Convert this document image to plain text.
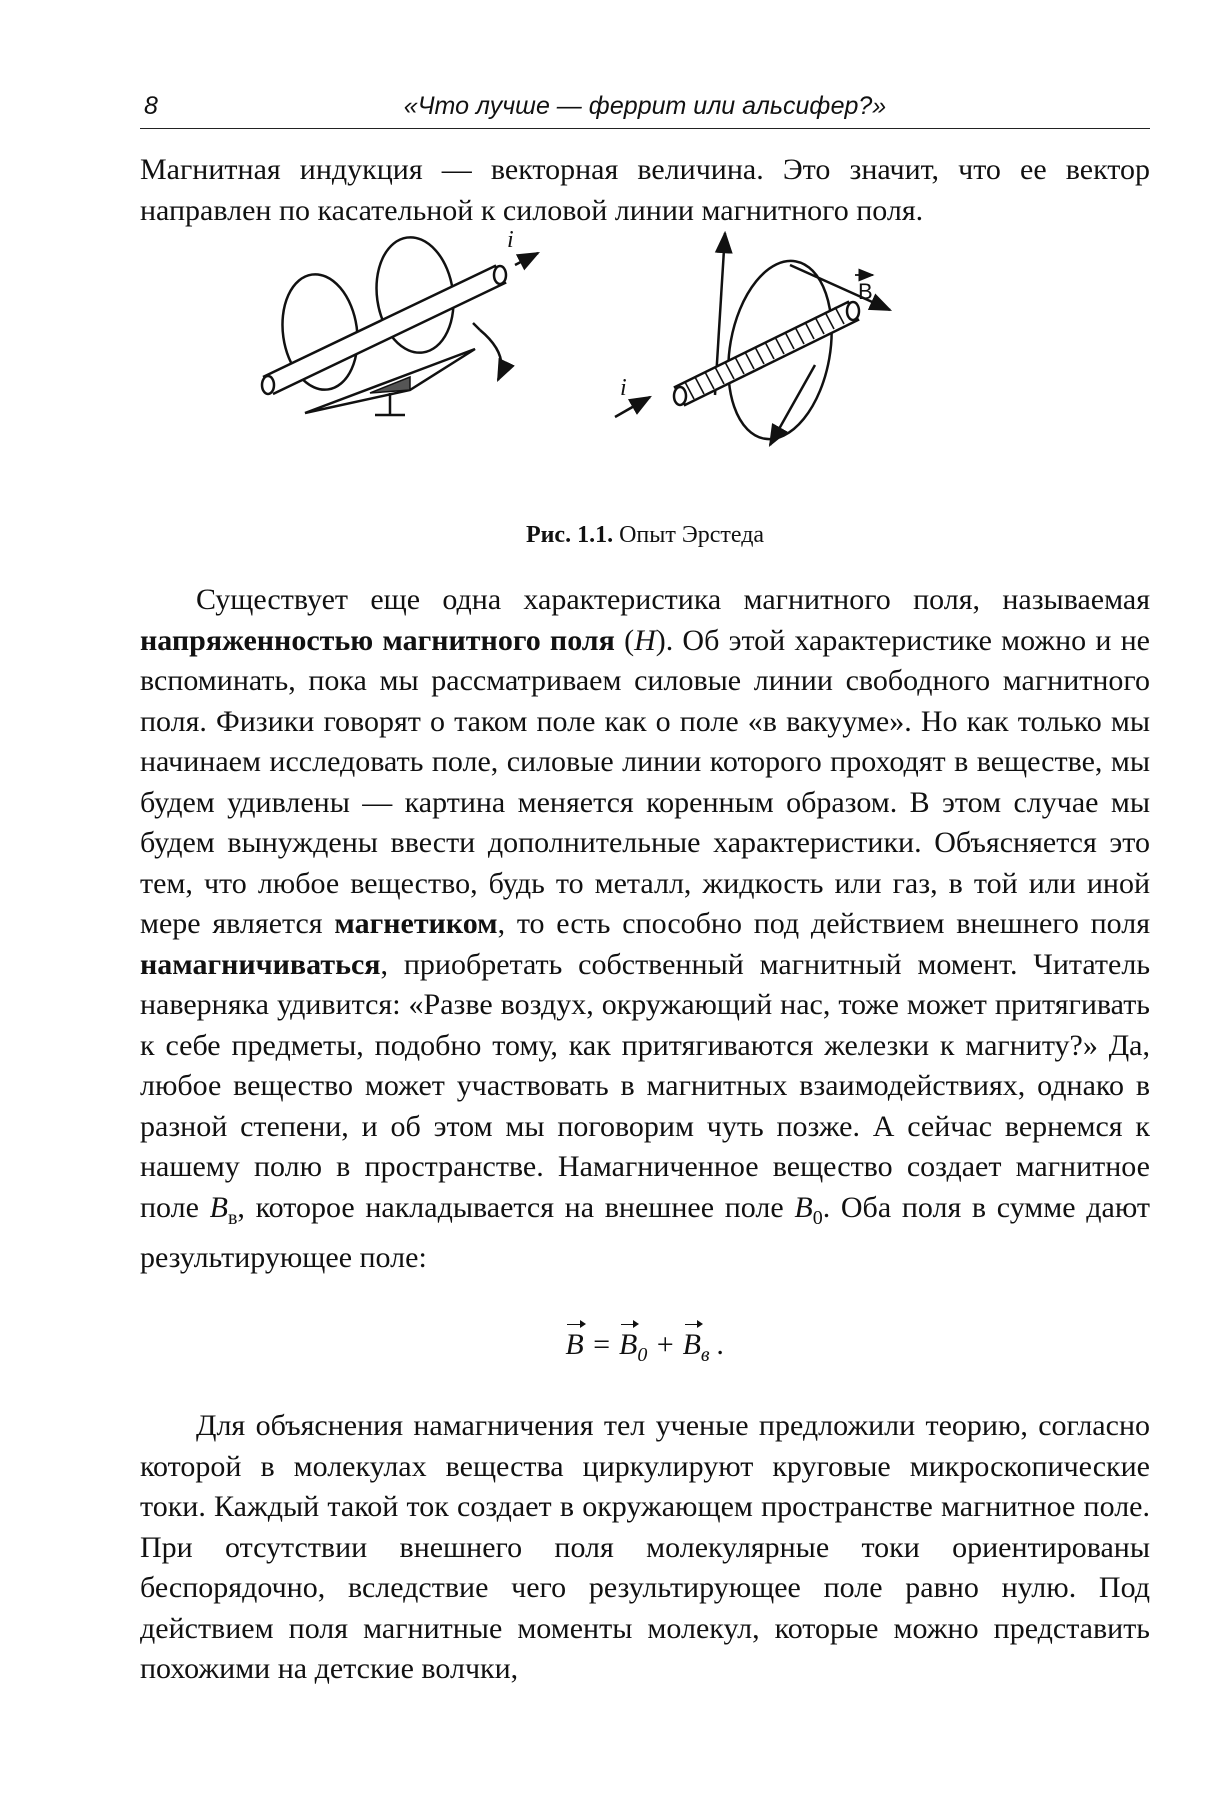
8	«Что лучше — феррит или альсифер?»

Магнитная индукция — векторная величина. Это значит, что ее вектор направлен по касательной к силовой линии магнитного поля.

i
i
B
Рис. 1.1. Опыт Эрстеда

Существует еще одна характеристика магнитного поля, называемая напряженностью магнитного поля (H). Об этой характеристике можно и не вспоминать, пока мы рассматриваем силовые линии свободного магнитного поля. Физики говорят о таком поле как о поле «в вакууме». Но как только мы начинаем исследовать поле, силовые линии которого проходят в веществе, мы будем удивлены — картина меняется коренным образом. В этом случае мы будем вынуждены ввести дополнительные характеристики. Объясняется это тем, что любое вещество, будь то металл, жидкость или газ, в той или иной мере является магнетиком, то есть способно под действием внешнего поля намагничиваться, приобретать собственный магнитный момент. Читатель наверняка удивится: «Разве воздух, окружающий нас, тоже может притягивать к себе предметы, подобно тому, как притягиваются железки к магниту?» Да, любое вещество может участвовать в магнитных взаимодействиях, однако в разной степени, и об этом мы поговорим чуть позже. А сейчас вернемся к нашему полю в пространстве. Намагниченное вещество создает магнитное поле $B_в$, которое накладывается на внешнее поле $B_0$. Оба поля в сумме дают результирующее поле:

$B = B_0 + B_в$ .

Для объяснения намагничения тел ученые предложили теорию, согласно которой в молекулах вещества циркулируют круговые микроскопические токи. Каждый такой ток создает в окружающем пространстве магнитное поле. При отсутствии внешнего поля молекулярные токи ориентированы беспорядочно, вследствие чего результирующее поле равно нулю. Под действием поля магнитные моменты молекул, которые можно представить похожими на детские волчки,
